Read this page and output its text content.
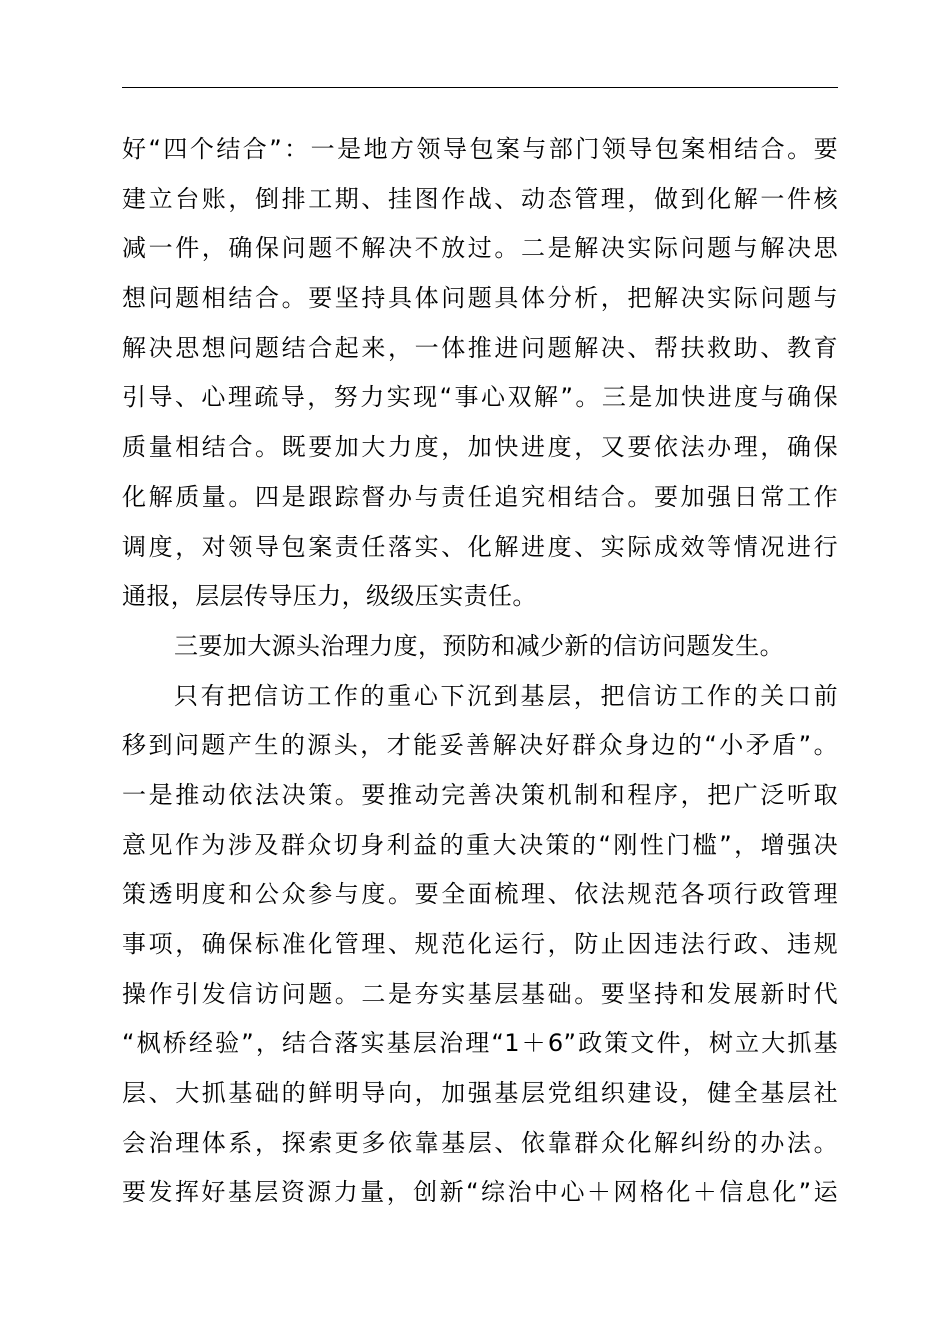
好“四个结合”：一是地方领导包案与部门领导包案相结合。要
建立台账，倒排工期、挂图作战、动态管理，做到化解一件核
减一件，确保问题不解决不放过。二是解决实际问题与解决思
想问题相结合。要坚持具体问题具体分析，把解决实际问题与
解决思想问题结合起来，一体推进问题解决、帮扶救助、教育
引导、心理疏导，努力实现“事心双解”。三是加快进度与确保
质量相结合。既要加大力度，加快进度，又要依法办理，确保
化解质量。四是跟踪督办与责任追究相结合。要加强日常工作
调度，对领导包案责任落实、化解进度、实际成效等情况进行
通报，层层传导压力，级级压实责任。
三要加大源头治理力度，预防和减少新的信访问题发生。
只有把信访工作的重心下沉到基层，把信访工作的关口前
移到问题产生的源头，才能妥善解决好群众身边的“小矛盾”。
一是推动依法决策。要推动完善决策机制和程序，把广泛听取
意见作为涉及群众切身利益的重大决策的“刚性门槛”，增强决
策透明度和公众参与度。要全面梳理、依法规范各项行政管理
事项，确保标准化管理、规范化运行，防止因违法行政、违规
操作引发信访问题。二是夯实基层基础。要坚持和发展新时代
“枫桥经验”，结合落实基层治理“1＋6”政策文件，树立大抓基
层、大抓基础的鲜明导向，加强基层党组织建设，健全基层社
会治理体系，探索更多依靠基层、依靠群众化解纠纷的办法。
要发挥好基层资源力量，创新“综治中心＋网格化＋信息化”运
